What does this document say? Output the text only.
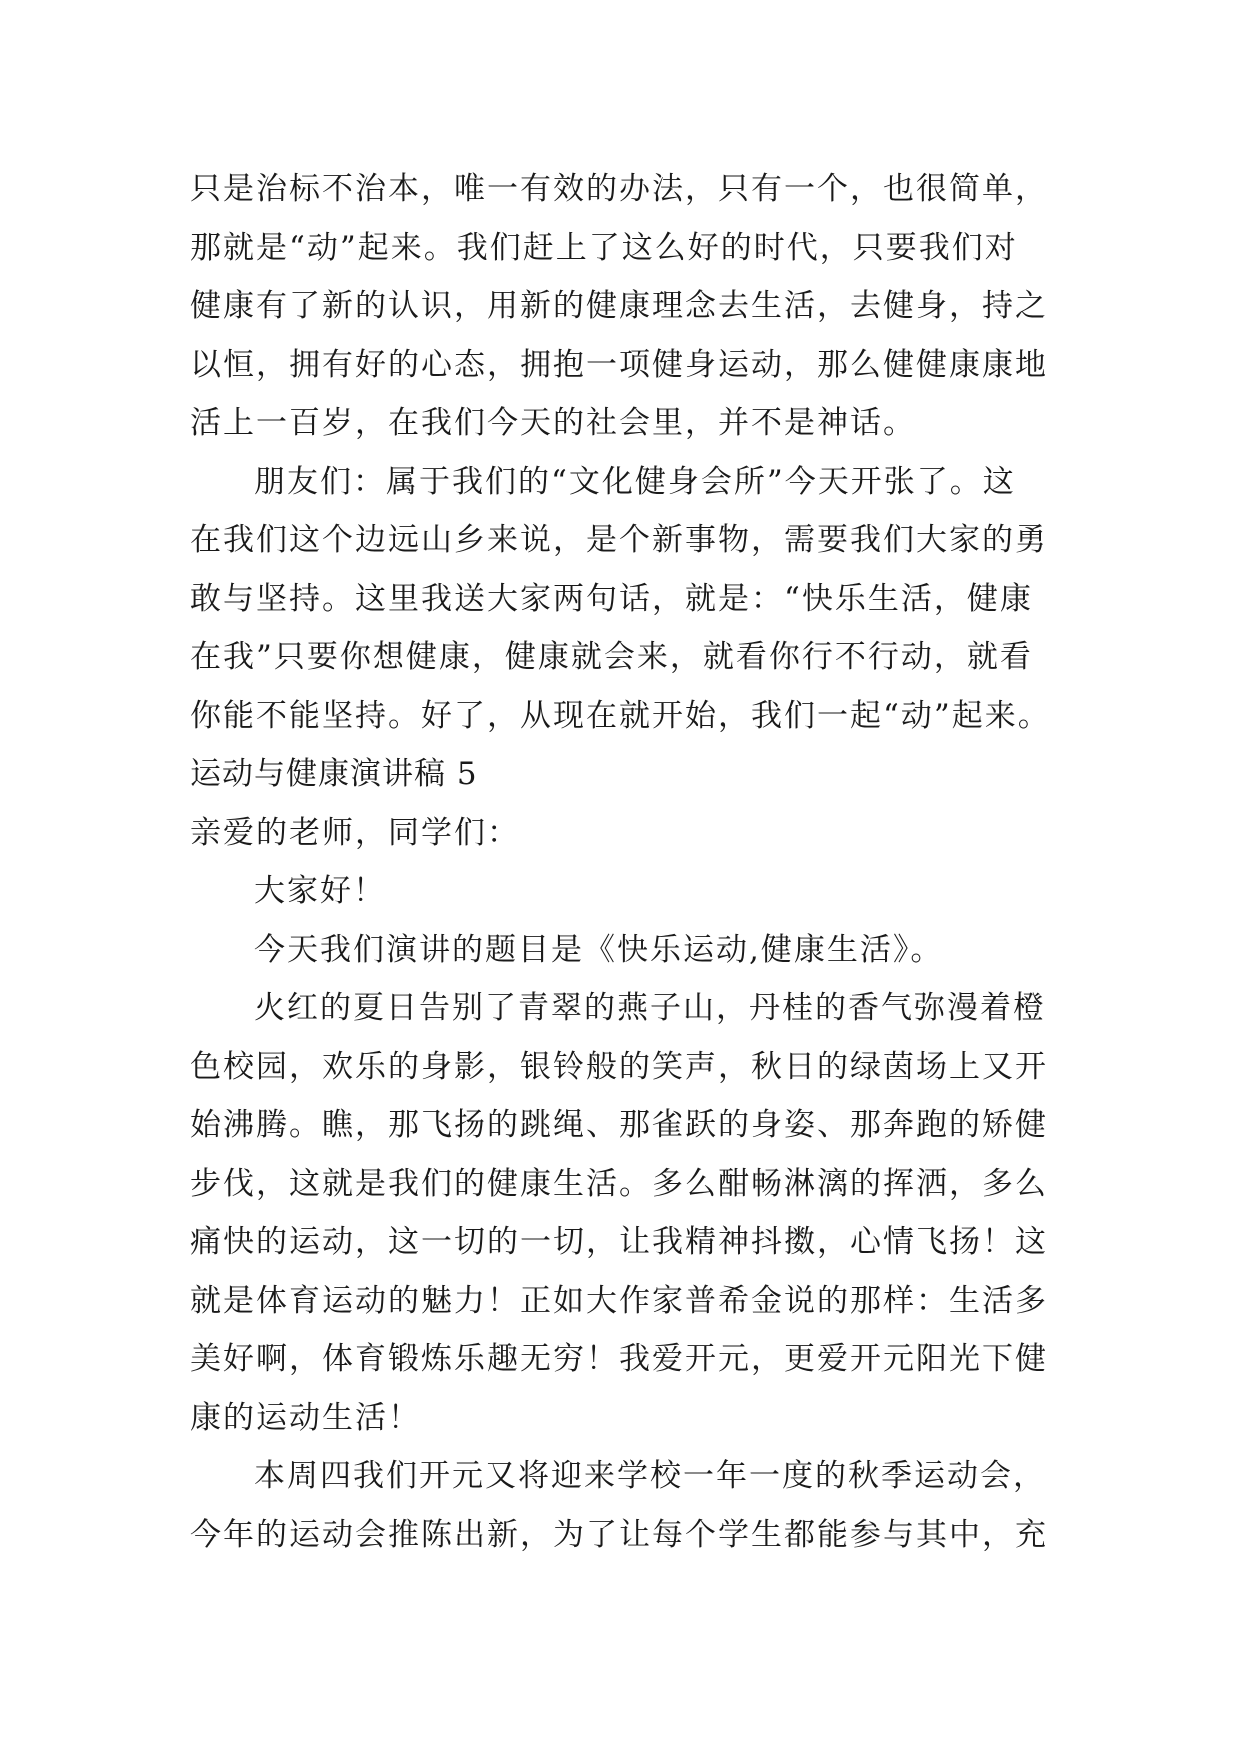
只是治标不治本，唯一有效的办法，只有一个，也很简单，
那就是“动”起来。我们赶上了这么好的时代，只要我们对
健康有了新的认识，用新的健康理念去生活，去健身，持之
以恒，拥有好的心态，拥抱一项健身运动，那么健健康康地
活上一百岁，在我们今天的社会里，并不是神话。
朋友们：属于我们的“文化健身会所”今天开张了。这
在我们这个边远山乡来说，是个新事物，需要我们大家的勇
敢与坚持。这里我送大家两句话，就是：“快乐生活，健康
在我”只要你想健康，健康就会来，就看你行不行动，就看
你能不能坚持。好了，从现在就开始，我们一起“动”起来。
运动与健康演讲稿 5
亲爱的老师，同学们：
大家好！
今天我们演讲的题目是《快乐运动,健康生活》。
火红的夏日告别了青翠的燕子山，丹桂的香气弥漫着橙
色校园，欢乐的身影，银铃般的笑声，秋日的绿茵场上又开
始沸腾。瞧，那飞扬的跳绳、那雀跃的身姿、那奔跑的矫健
步伐，这就是我们的健康生活。多么酣畅淋漓的挥洒，多么
痛快的运动，这一切的一切，让我精神抖擞，心情飞扬！这
就是体育运动的魅力！正如大作家普希金说的那样：生活多
美好啊，体育锻炼乐趣无穷！我爱开元，更爱开元阳光下健
康的运动生活！
本周四我们开元又将迎来学校一年一度的秋季运动会，
今年的运动会推陈出新，为了让每个学生都能参与其中，充
